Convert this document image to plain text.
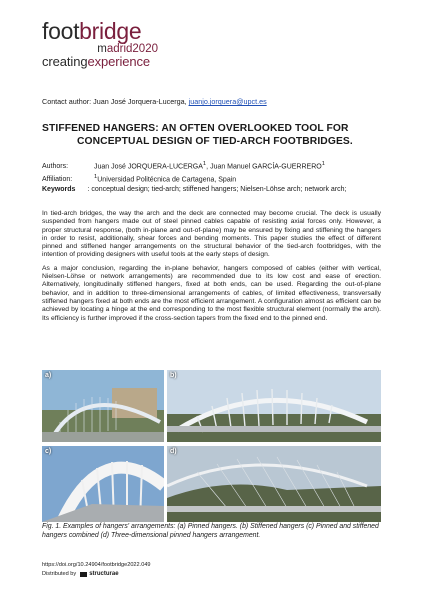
footbridge
madrid2020
creatingexperience
Contact author: Juan José Jorquera-Lucerga, juanjo.jorquera@upct.es
STIFFENED HANGERS: AN OFTEN OVERLOOKED TOOL FOR
CONCEPTUAL DESIGN OF TIED-ARCH FOOTBRIDGES.
Authors:	Juan José JORQUERA-LUCERGA$^1$, Juan Manuel GARCÍA-GUERRERO$^1$
Affiliation:	$^1$Universidad Politécnica de Cartagena, Spain
Keywords : conceptual design; tied-arch; stiffened hangers; Nielsen-Löhse arch; network arch;

In tied-arch bridges, the way the arch and the deck are connected may become crucial. The deck is usually suspended from hangers made out of steel pinned cables capable of resisting axial forces only. However, a proper structural response, (both in-plane and out-of-plane) may be ensured by fixing and stiffening the hangers in order to resist, additionally, shear forces and bending moments. This paper studies the effect of different pinned and stiffened hanger arrangements on the structural behavior of the tied-arch footbridges, with the intention of providing designers with useful tools at the early steps of design.

As a major conclusion, regarding the in-plane behavior, hangers composed of cables (either with vertical, Nielsen-Löhse or network arrangements) are recommended due to its low cost and ease of erection. Alternatively, longitudinally stiffened hangers, fixed at both ends, can be used. Regarding the out-of-plane behavior, and in addition to three-dimensional arrangements of cables, of limited effectiveness, transversally stiffened hangers fixed at both ends are the most efficient arrangement. A configuration almost as efficient can be achieved by locating a hinge at the end corresponding to the most flexible structural element (normally the arch). Its efficiency is further improved if the cross-section tapers from the fixed end to the pinned end.

a)	b)
c)	d)
Fig. 1. Examples of hangers' arrangements: (a) Pinned hangers. (b) Stiffened hangers (c) Pinned and stiffened hangers combined (d) Three-dimensional pinned hangers arrangement.
https://doi.org/10.24904/footbridge2022.049
Distributed by structurae
